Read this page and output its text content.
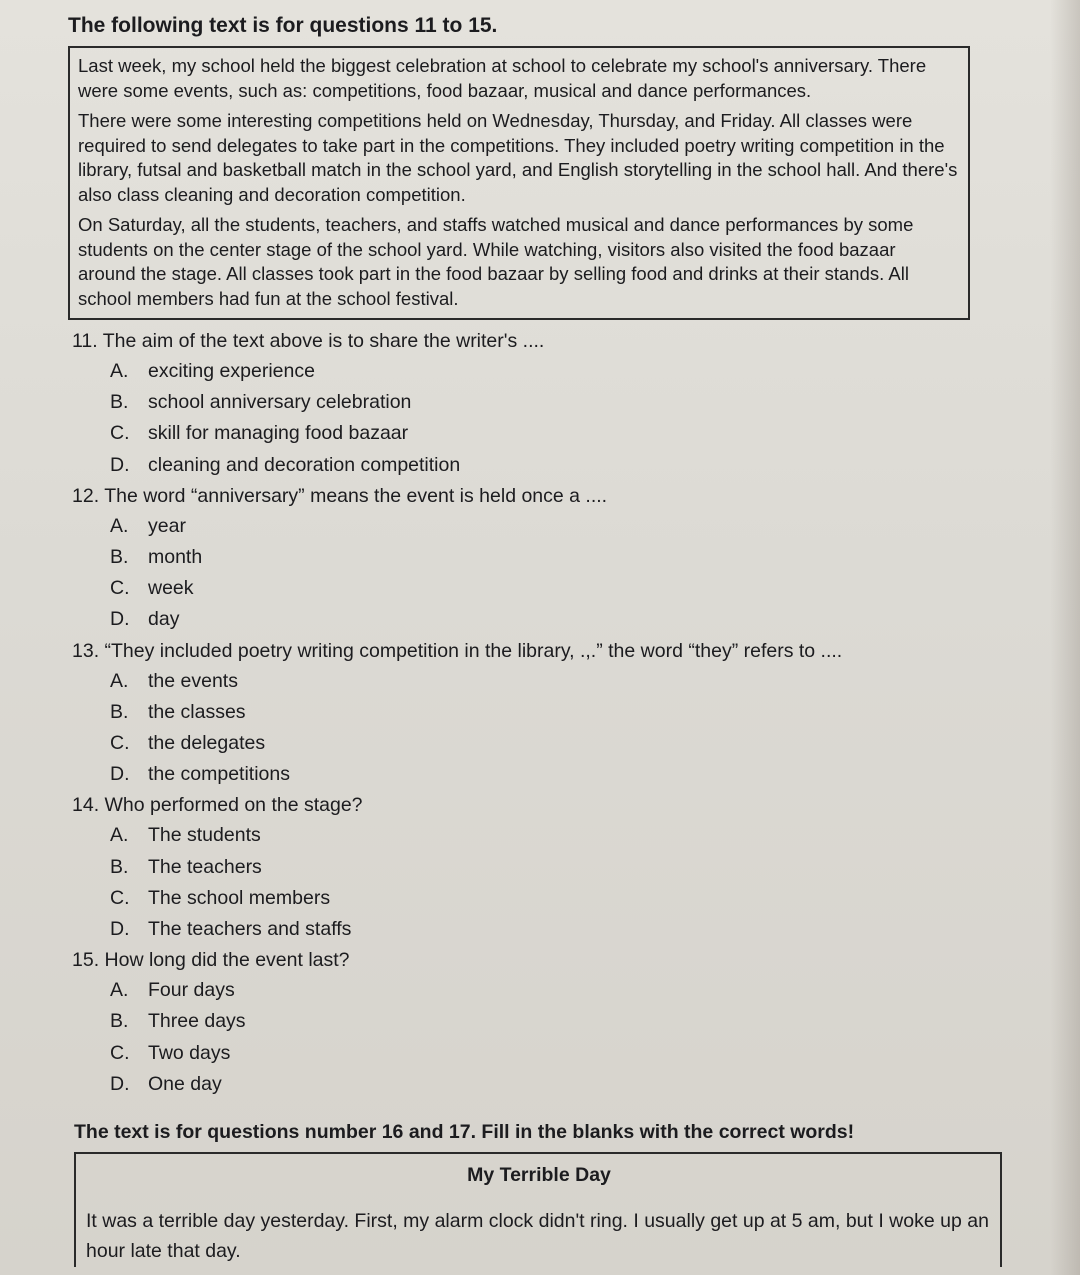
The following text is for questions 11 to 15.

Last week, my school held the biggest celebration at school to celebrate my school's anniversary. There were some events, such as: competitions, food bazaar, musical and dance performances.

There were some interesting competitions held on Wednesday, Thursday, and Friday. All classes were required to send delegates to take part in the competitions. They included poetry writing competition in the library, futsal and basketball match in the school yard, and English storytelling in the school hall. And there's also class cleaning and decoration competition.

On Saturday, all the students, teachers, and staffs watched musical and dance performances by some students on the center stage of the school yard. While watching, visitors also visited the food bazaar around the stage. All classes took part in the food bazaar by selling food and drinks at their stands. All school members had fun at the school festival.

11. The aim of the text above is to share the writer's ....

A. exciting experience
B. school anniversary celebration
C. skill for managing food bazaar
D. cleaning and decoration competition

12. The word “anniversary” means the event is held once a ....

A. year
B. month
C. week
D. day

13. “They included poetry writing competition in the library, .,.” the word “they” refers to ....

A. the events
B. the classes
C. the delegates
D. the competitions

14. Who performed on the stage?

A. The students
B. The teachers
C. The school members
D. The teachers and staffs

15. How long did the event last?

A. Four days
B. Three days
C. Two days
D. One day

The text is for questions number 16 and 17. Fill in the blanks with the correct words!

My Terrible Day

It was a terrible day yesterday. First, my alarm clock didn't ring. I usually get up at 5 am, but I woke up an hour late that day.
